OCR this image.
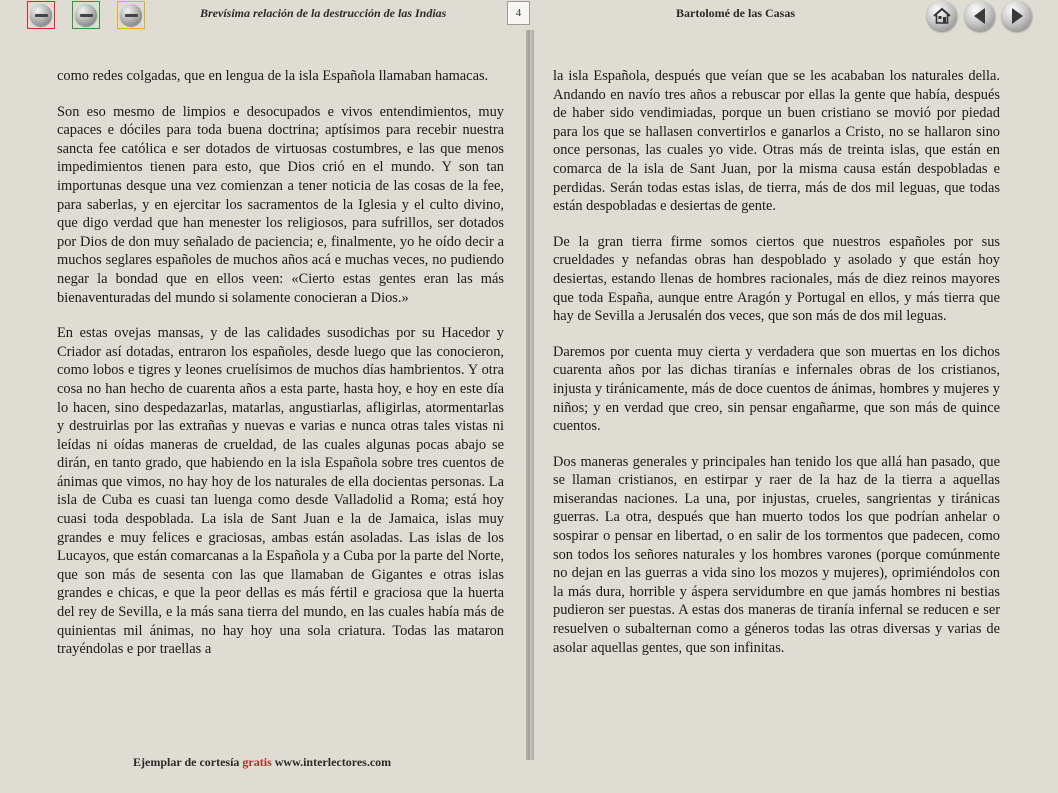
Brevísima relación de la destrucción de las Indias	4	Bartolomé de las Casas

como redes colgadas, que en lengua de la isla Española llamaban hamacas.

Son eso mesmo de limpios e desocupados e vivos entendimientos, muy capaces e dóciles para toda buena doctrina; aptísimos para recebir nuestra sancta fee católica e ser dotados de virtuosas costumbres, e las que menos impedimientos tienen para esto, que Dios crió en el mundo. Y son tan importunas desque una vez comienzan a tener noticia de las cosas de la fee, para saberlas, y en ejercitar los sacramentos de la Iglesia y el culto divino, que digo verdad que han menester los religiosos, para sufrillos, ser dotados por Dios de don muy señalado de paciencia; e, finalmente, yo he oído decir a muchos seglares españoles de muchos años acá e muchas veces, no pudiendo negar la bondad que en ellos veen: «Cierto estas gentes eran las más bienaventuradas del mundo si solamente conocieran a Dios.»

En estas ovejas mansas, y de las calidades susodichas por su Hacedor y Criador así dotadas, entraron los españoles, desde luego que las conocieron, como lobos e tigres y leones cruelísimos de muchos días hambrientos. Y otra cosa no han hecho de cuarenta años a esta parte, hasta hoy, e hoy en este día lo hacen, sino despedazarlas, matarlas, angustiarlas, afligirlas, atormentarlas y destruirlas por las extrañas y nuevas e varias e nunca otras tales vistas ni leídas ni oídas maneras de crueldad, de las cuales algunas pocas abajo se dirán, en tanto grado, que habiendo en la isla Española sobre tres cuentos de ánimas que vimos, no hay hoy de los naturales de ella docientas personas. La isla de Cuba es cuasi tan luenga como desde Valladolid a Roma; está hoy cuasi toda despoblada. La isla de Sant Juan e la de Jamaica, islas muy grandes e muy felices e graciosas, ambas están asoladas. Las islas de los Lucayos, que están comarcanas a la Española y a Cuba por la parte del Norte, que son más de sesenta con las que llamaban de Gigantes e otras islas grandes e chicas, e que la peor dellas es más fértil e graciosa que la huerta del rey de Sevilla, e la más sana tierra del mundo, en las cuales había más de quinientas mil ánimas, no hay hoy una sola criatura. Todas las mataron trayéndolas e por traellas a

la isla Española, después que veían que se les acababan los naturales della. Andando en navío tres años a rebuscar por ellas la gente que había, después de haber sido vendimiadas, porque un buen cristiano se movió por piedad para los que se hallasen convertirlos e ganarlos a Cristo, no se hallaron sino once personas, las cuales yo vide. Otras más de treinta islas, que están en comarca de la isla de Sant Juan, por la misma causa están despobladas e perdidas. Serán todas estas islas, de tierra, más de dos mil leguas, que todas están despobladas e desiertas de gente.

De la gran tierra firme somos ciertos que nuestros españoles por sus crueldades y nefandas obras han despoblado y asolado y que están hoy desiertas, estando llenas de hombres racionales, más de diez reinos mayores que toda España, aunque entre Aragón y Portugal en ellos, y más tierra que hay de Sevilla a Jerusalén dos veces, que son más de dos mil leguas.

Daremos por cuenta muy cierta y verdadera que son muertas en los dichos cuarenta años por las dichas tiranías e infernales obras de los cristianos, injusta y tiránicamente, más de doce cuentos de ánimas, hombres y mujeres y niños; y en verdad que creo, sin pensar engañarme, que son más de quince cuentos.

Dos maneras generales y principales han tenido los que allá han pasado, que se llaman cristianos, en estirpar y raer de la haz de la tierra a aquellas miserandas naciones. La una, por injustas, crueles, sangrientas y tiránicas guerras. La otra, después que han muerto todos los que podrían anhelar o sospirar o pensar en libertad, o en salir de los tormentos que padecen, como son todos los señores naturales y los hombres varones (porque comúnmente no dejan en las guerras a vida sino los mozos y mujeres), oprimiéndolos con la más dura, horrible y áspera servidumbre en que jamás hombres ni bestias pudieron ser puestas. A estas dos maneras de tiranía infernal se reducen e ser resuelven o subalternan como a géneros todas las otras diversas y varias de asolar aquellas gentes, que son infinitas.

Ejemplar de cortesía gratis www.interlectores.com
